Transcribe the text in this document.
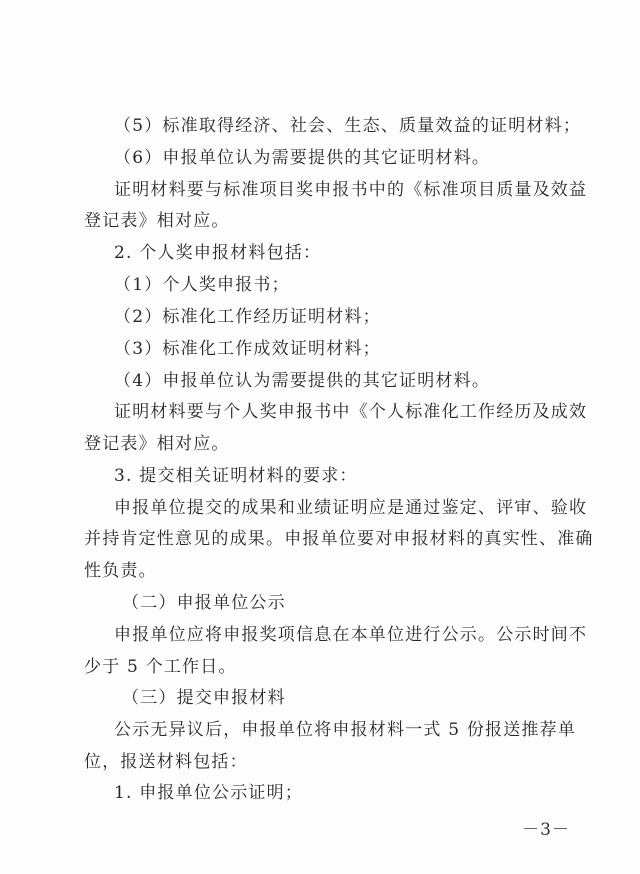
（5）标准取得经济、社会、生态、质量效益的证明材料；
（6）申报单位认为需要提供的其它证明材料。
证明材料要与标准项目奖申报书中的《标准项目质量及效益
登记表》相对应。
2. 个人奖申报材料包括：
（1）个人奖申报书；
（2）标准化工作经历证明材料；
（3）标准化工作成效证明材料；
（4）申报单位认为需要提供的其它证明材料。
证明材料要与个人奖申报书中《个人标准化工作经历及成效
登记表》相对应。
3. 提交相关证明材料的要求：
申报单位提交的成果和业绩证明应是通过鉴定、评审、验收
并持肯定性意见的成果。申报单位要对申报材料的真实性、准确
性负责。
（二）申报单位公示
申报单位应将申报奖项信息在本单位进行公示。公示时间不
少于 5 个工作日。
（三）提交申报材料
公示无异议后，申报单位将申报材料一式 5 份报送推荐单
位，报送材料包括：
1. 申报单位公示证明；
－3－
